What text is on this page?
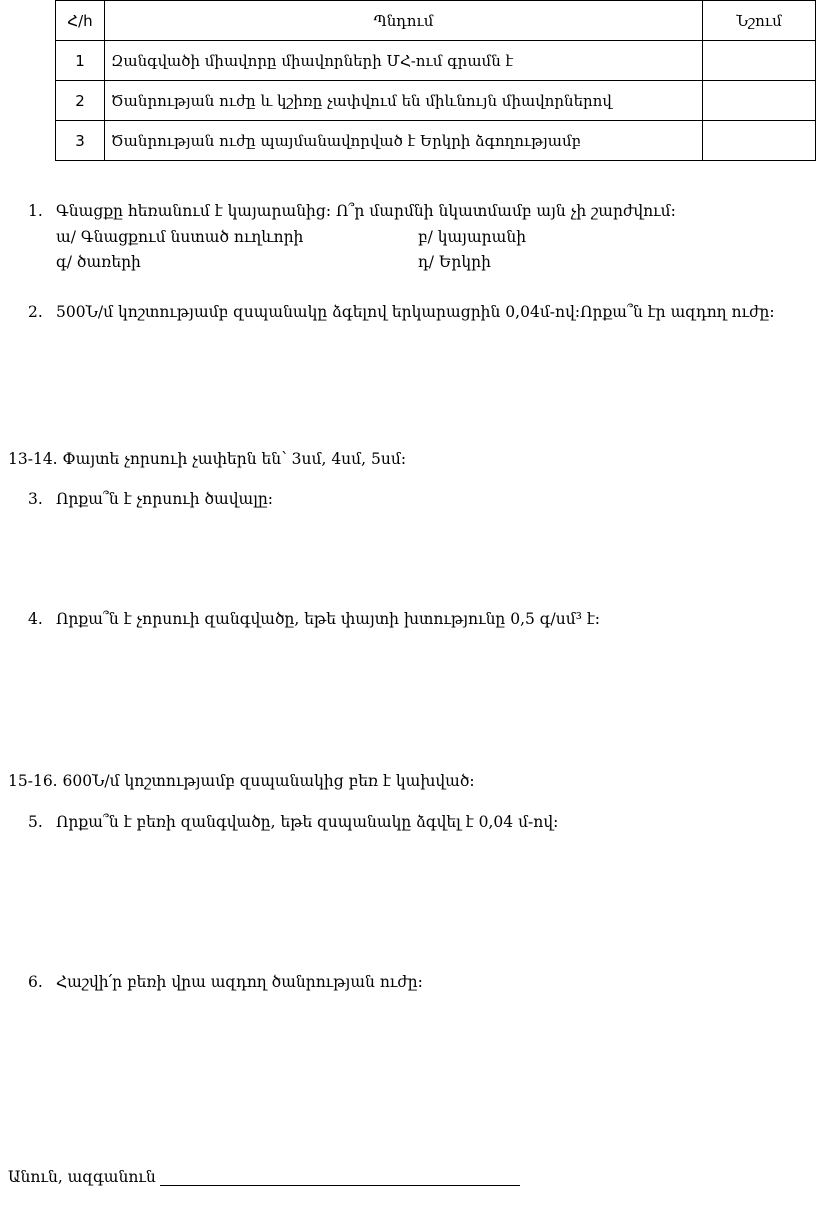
Հ/հ	Պնդում	Նշում
1	Զանգվածի միավորը միավորների ՄՀ-ում գրամն է	
2	Ծանրության ուժը և կշիռը չափվում են միևնույն միավորներով	
3	Ծանրության ուժը պայմանավորված է Երկրի ձգողությամբ	
1. Գնացքը հեռանում է կայարանից: Ո՞ր մարմնի նկատմամբ այն չի շարժվում:
ա/ Գնացքում նստած ուղևորի	բ/ կայարանի
գ/ ծառերի	դ/ Երկրի
2. 500Ն/մ կոշտությամբ զսպանակը ձգելով երկարացրին 0,04մ-ով:Որքա՞ն էր ազդող ուժը:
13-14. Փայտե չորսուի չափերն են՝ 3սմ, 4սմ, 5սմ:
3. Որքա՞ն է չորսուի ծավալը:
4. Որքա՞ն է չորսուի զանգվածը, եթե փայտի խտությունը 0,5 գ/սմ³ է:
15-16. 600Ն/մ կոշտությամբ զսպանակից բեռ է կախված:
5. Որքա՞ն է բեռի զանգվածը, եթե զսպանակը ձգվել է 0,04 մ-ով:
6. Հաշվի՛ր բեռի վրա ազդող ծանրության ուժը:
Անուն, ազգանուն
